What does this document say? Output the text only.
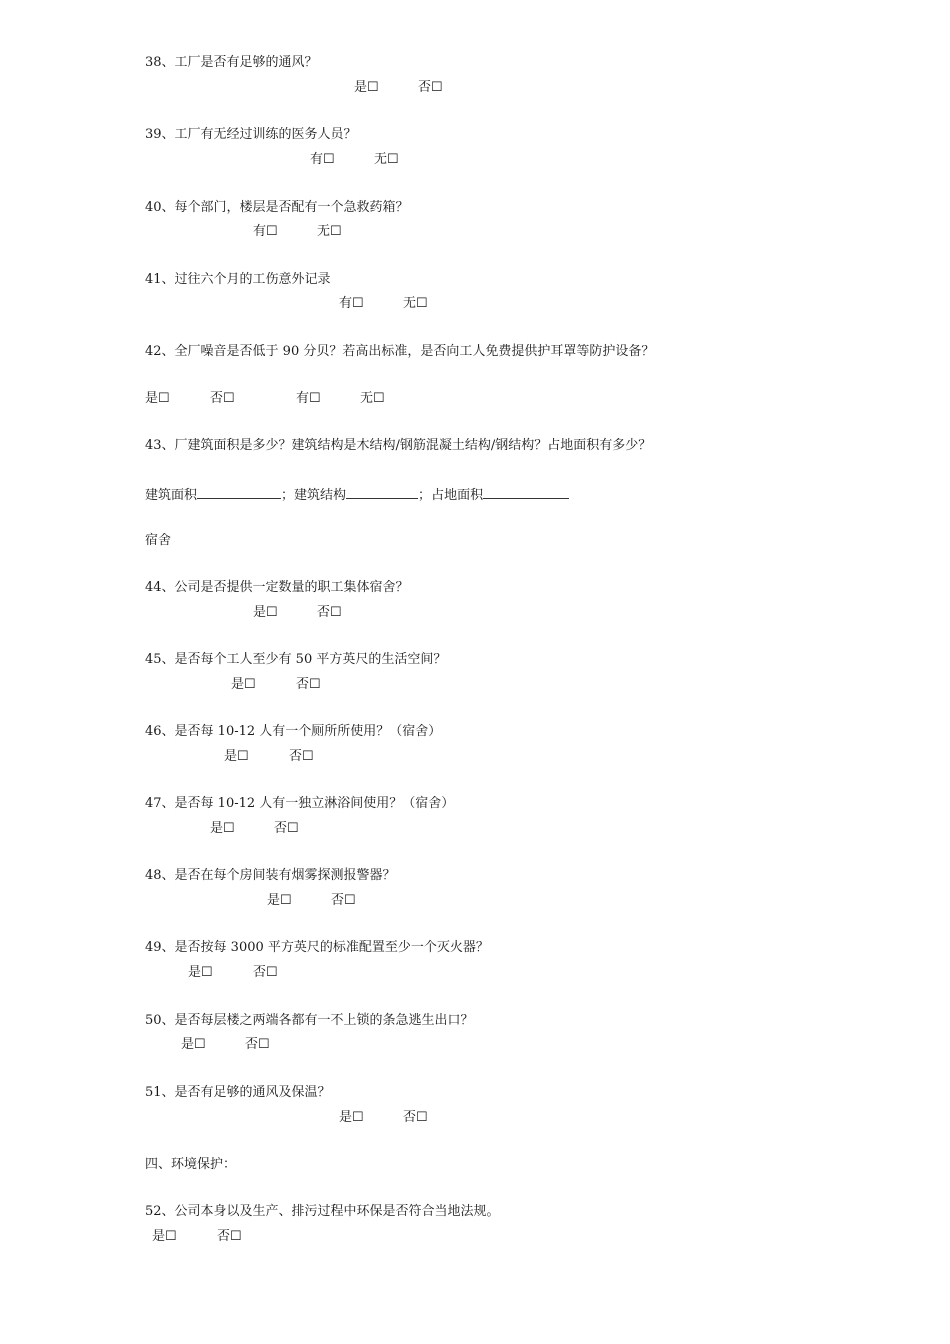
38、工厂是否有足够的通风？
是☐	否☐
39、工厂有无经过训练的医务人员？
有☐	无☐
40、每个部门，楼层是否配有一个急救药箱？
有☐	无☐
41、过往六个月的工伤意外记录
有☐	无☐
42、全厂噪音是否低于 90 分贝？若高出标准，是否向工人免费提供护耳罩等防护设备？
是☐	否☐	有☐	无☐
43、厂建筑面积是多少？建筑结构是木结构/钢筋混凝土结构/钢结构？占地面积有多少？
建筑面积	；建筑结构	；占地面积
宿舍
44、公司是否提供一定数量的职工集体宿舍？
是☐	否☐
45、是否每个工人至少有 50 平方英尺的生活空间？
是☐	否☐
46、是否每 10-12 人有一个厕所所使用？（宿舍）
是☐	否☐
47、是否每 10-12 人有一独立淋浴间使用？（宿舍）
是☐	否☐
48、是否在每个房间装有烟雾探测报警器？
是☐	否☐
49、是否按每 3000 平方英尺的标准配置至少一个灭火器？
是☐	否☐
50、是否每层楼之两端各都有一不上锁的条急逃生出口？
是☐	否☐
51、是否有足够的通风及保温？
是☐	否☐
四、环境保护：
52、公司本身以及生产、排污过程中环保是否符合当地法规。
是☐	否☐
